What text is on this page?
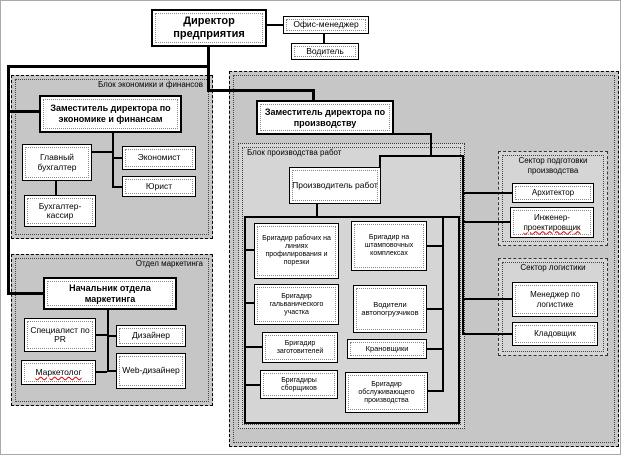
Блок экономики и финансов
Отдел маркетинга
Блок производства работ
Сектор подготовки производства
Сектор логистики
Директор предприятия
Офис-менеджер
Водитель
Заместитель директора по экономике и финансам
Главный бухгалтер
Бухгалтер-кассир
Экономист
Юрист
Начальник отдела маркетинга
Специалист по PR	Дизайнер
Маркетолог	Web-дизайнер
Заместитель директора по производству
Производитель работ
Бригадир рабочих на линиях профилирования и порезки
Бригадир на штамповочных комплексах
Бригадир гальванического участка
Водители автопогрузчиков
Бригадир заготовителей	Крановщики
Бригадиры сборщиков
Бригадир обслуживающего производства
Архитектор
Инженер-
проектировщик
Менеджер по логистике
Кладовщик
